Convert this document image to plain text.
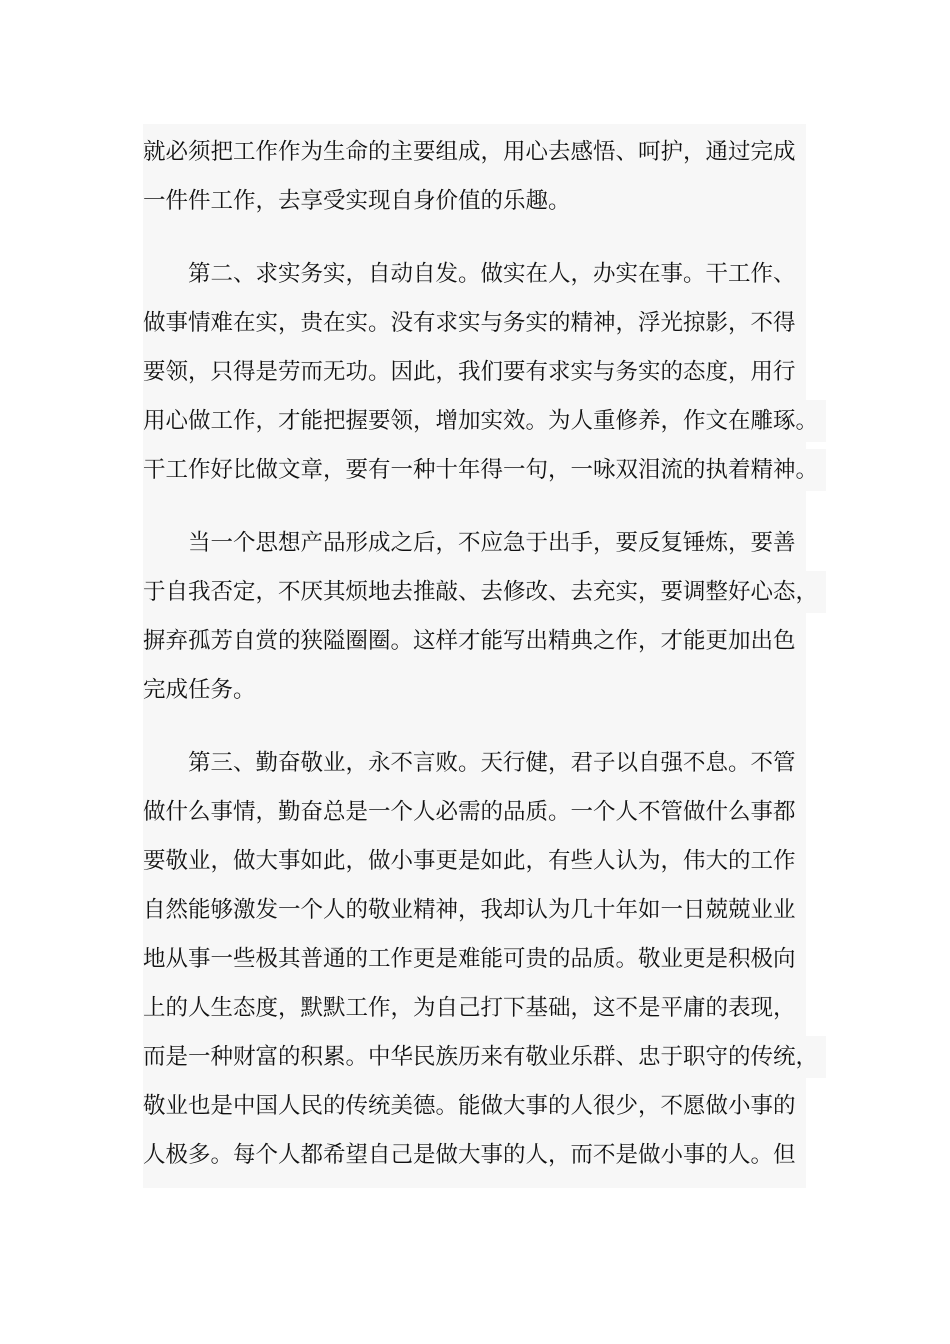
就必须把工作作为生命的主要组成，用心去感悟、呵护，通过完成
一件件工作，去享受实现自身价值的乐趣。
　　第二、求实务实，自动自发。做实在人，办实在事。干工作、
做事情难在实，贵在实。没有求实与务实的精神，浮光掠影，不得
要领，只得是劳而无功。因此，我们要有求实与务实的态度，用行
用心做工作，才能把握要领，增加实效。为人重修养，作文在雕琢。
干工作好比做文章，要有一种十年得一句，一咏双泪流的执着精神。
　　当一个思想产品形成之后，不应急于出手，要反复锤炼，要善
于自我否定，不厌其烦地去推敲、去修改、去充实，要调整好心态，
摒弃孤芳自赏的狭隘圈圈。这样才能写出精典之作，才能更加出色
完成任务。
　　第三、勤奋敬业，永不言败。天行健，君子以自强不息。不管
做什么事情，勤奋总是一个人必需的品质。一个人不管做什么事都
要敬业，做大事如此，做小事更是如此，有些人认为，伟大的工作
自然能够激发一个人的敬业精神，我却认为几十年如一日兢兢业业
地从事一些极其普通的工作更是难能可贵的品质。敬业更是积极向
上的人生态度，默默工作，为自己打下基础，这不是平庸的表现，
而是一种财富的积累。中华民族历来有敬业乐群、忠于职守的传统，
敬业也是中国人民的传统美德。能做大事的人很少，不愿做小事的
人极多。每个人都希望自己是做大事的人，而不是做小事的人。但
